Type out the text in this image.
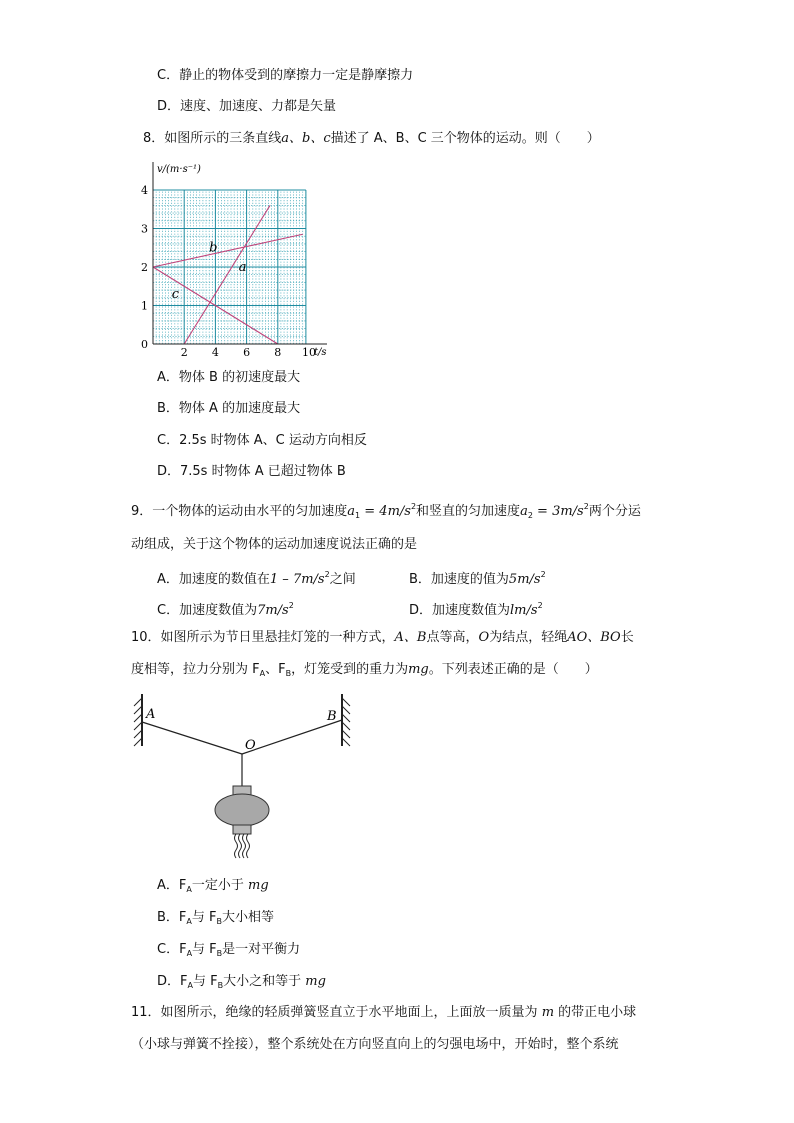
C．静止的物体受到的摩擦力一定是静摩擦力
D．速度、加速度、力都是矢量
8．如图所示的三条直线a、b、c描述了 A、B、C 三个物体的运动。则（　　）
v/(m·s⁻¹)
t/s
0
2 4 6 8 10
1
2
3
4
a
b
c
A．物体 B 的初速度最大
B．物体 A 的加速度最大
C．2.5s 时物体 A、C 运动方向相反
D．7.5s 时物体 A 已超过物体 B
9．一个物体的运动由水平的匀加速度$a_1 = 4m/s^2$和竖直的匀加速度$a_2 = 3m/s^2$两个分运
动组成，关于这个物体的运动加速度说法正确的是
A．加速度的数值在$1 - 7m/s^2$之间	B．加速度的值为$5m/s^2$
C．加速度数值为$7m/s^2$	D．加速度数值为$lm/s^2$
10．如图所示为节日里悬挂灯笼的一种方式，A、B点等高，O为结点，轻绳AO、BO长
度相等，拉力分别为 $F_A$、$F_B$，灯笼受到的重力为mg。下列表述正确的是（　　）
A	B
O
A．$F_A$一定小于 mg
B．$F_A$与 $F_B$大小相等
C．$F_A$与 $F_B$是一对平衡力
D．$F_A$与 $F_B$大小之和等于 mg
11．如图所示，绝缘的轻质弹簧竖直立于水平地面上，上面放一质量为 m 的带正电小球
（小球与弹簧不拴接），整个系统处在方向竖直向上的匀强电场中，开始时，整个系统
